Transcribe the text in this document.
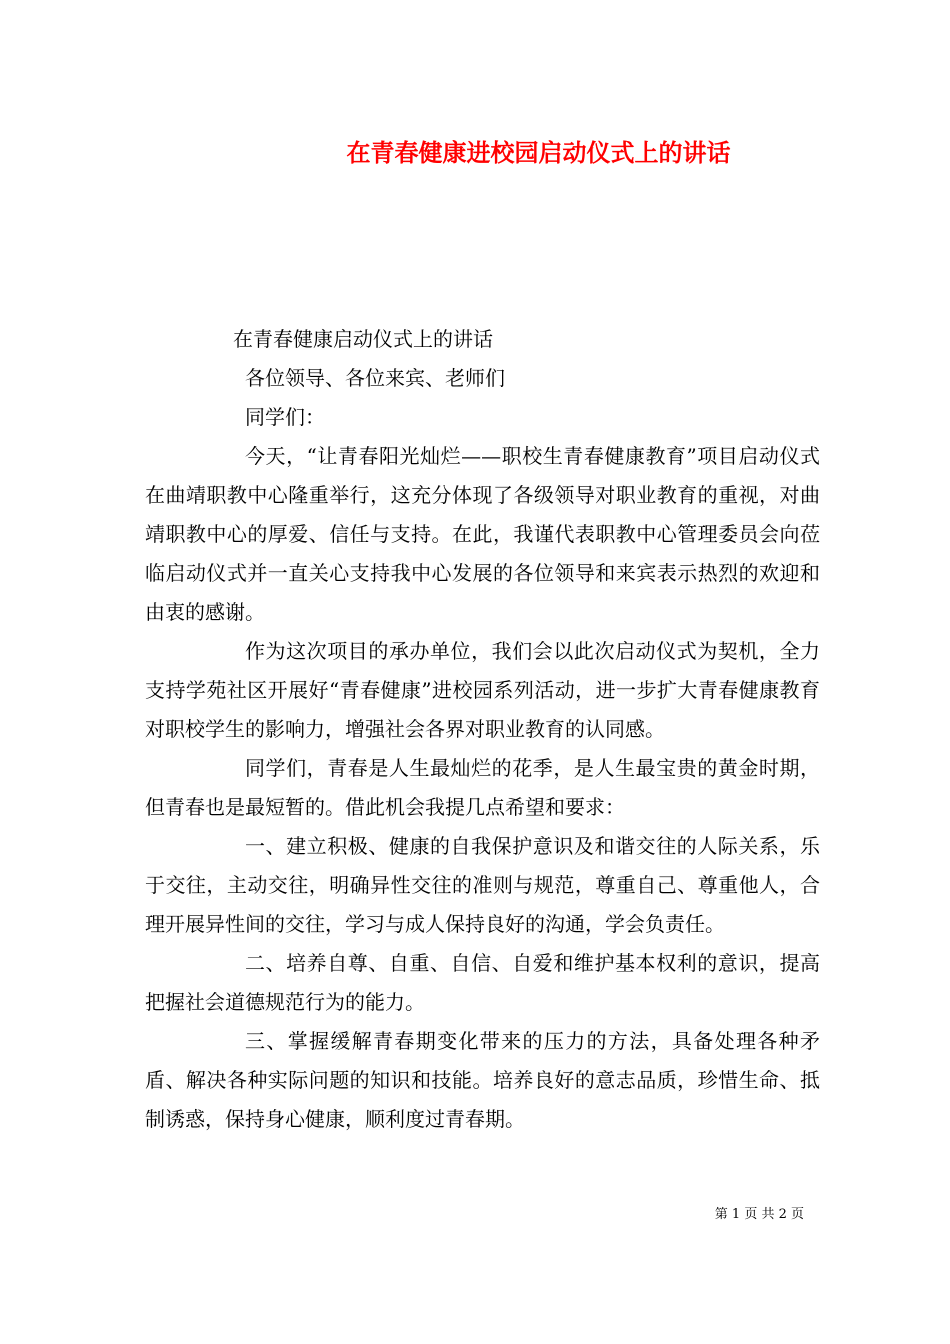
在青春健康进校园启动仪式上的讲话
在青春健康启动仪式上的讲话
各位领导、各位来宾、老师们
同学们：

今天，“让青春阳光灿烂——职校生青春健康教育”项目启动仪式在曲靖职教中心隆重举行，这充分体现了各级领导对职业教育的重视，对曲靖职教中心的厚爱、信任与支持。在此，我谨代表职教中心管理委员会向莅临启动仪式并一直关心支持我中心发展的各位领导和来宾表示热烈的欢迎和由衷的感谢。

作为这次项目的承办单位，我们会以此次启动仪式为契机，全力支持学苑社区开展好“青春健康”进校园系列活动，进一步扩大青春健康教育对职校学生的影响力，增强社会各界对职业教育的认同感。

同学们，青春是人生最灿烂的花季，是人生最宝贵的黄金时期，但青春也是最短暂的。借此机会我提几点希望和要求：

一、建立积极、健康的自我保护意识及和谐交往的人际关系，乐于交往，主动交往，明确异性交往的准则与规范，尊重自己、尊重他人，合理开展异性间的交往，学习与成人保持良好的沟通，学会负责任。

二、培养自尊、自重、自信、自爱和维护基本权利的意识，提高把握社会道德规范行为的能力。

三、掌握缓解青春期变化带来的压力的方法，具备处理各种矛盾、解决各种实际问题的知识和技能。培养良好的意志品质，珍惜生命、抵制诱惑，保持身心健康，顺利度过青春期。

第 1 页 共 2 页
